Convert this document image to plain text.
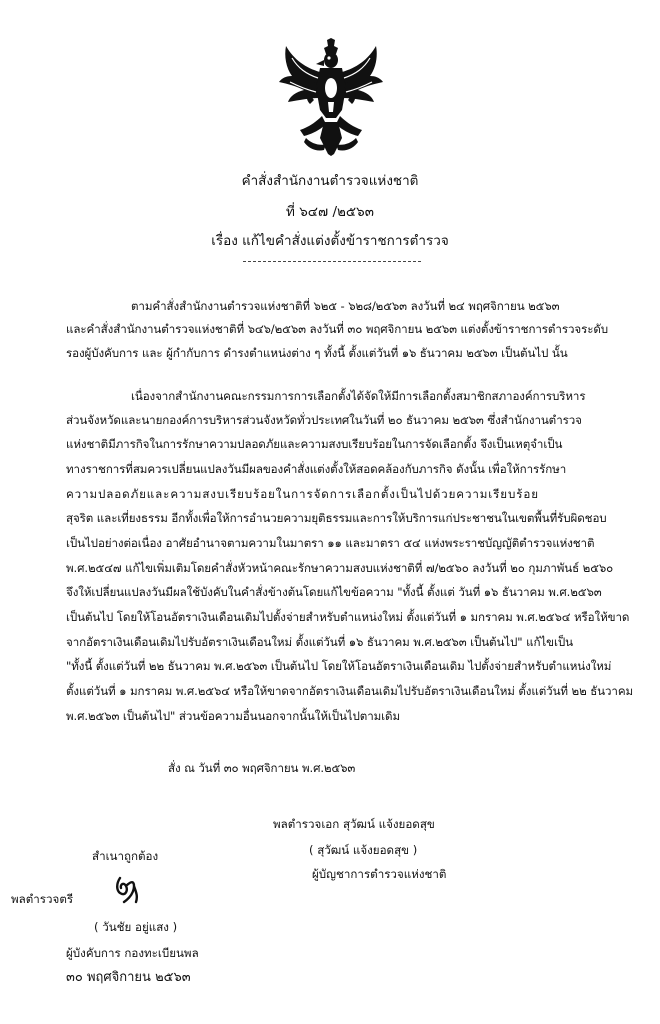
คำสั่งสำนักงานตำรวจแห่งชาติ
ที่ ๖๔๗ /๒๕๖๓
เรื่อง แก้ไขคำสั่งแต่งตั้งข้าราชการตำรวจ
ตามคำสั่งสำนักงานตำรวจแห่งชาติที่ ๖๒๕ - ๖๒๘/๒๕๖๓ ลงวันที่ ๒๔ พฤศจิกายน ๒๕๖๓
และคำสั่งสำนักงานตำรวจแห่งชาติที่ ๖๔๖/๒๕๖๓ ลงวันที่ ๓๐ พฤศจิกายน ๒๕๖๓ แต่งตั้งข้าราชการตำรวจระดับ
รองผู้บังคับการ และ ผู้กำกับการ ดำรงตำแหน่งต่าง ๆ ทั้งนี้ ตั้งแต่วันที่ ๑๖ ธันวาคม ๒๕๖๓ เป็นต้นไป นั้น
เนื่องจากสำนักงานคณะกรรมการการเลือกตั้งได้จัดให้มีการเลือกตั้งสมาชิกสภาองค์การบริหาร
ส่วนจังหวัดและนายกองค์การบริหารส่วนจังหวัดทั่วประเทศในวันที่ ๒๐ ธันวาคม ๒๕๖๓ ซึ่งสำนักงานตำรวจ
แห่งชาติมีภารกิจในการรักษาความปลอดภัยและความสงบเรียบร้อยในการจัดเลือกตั้ง จึงเป็นเหตุจำเป็น
ทางราชการที่สมควรเปลี่ยนแปลงวันมีผลของคำสั่งแต่งตั้งให้สอดคล้องกับภารกิจ ดังนั้น เพื่อให้การรักษา
ความปลอดภัยและความสงบเรียบร้อยในการจัดการเลือกตั้งเป็นไปด้วยความเรียบร้อย
สุจริต และเที่ยงธรรม อีกทั้งเพื่อให้การอำนวยความยุติธรรมและการให้บริการแก่ประชาชนในเขตพื้นที่รับผิดชอบ
เป็นไปอย่างต่อเนื่อง อาศัยอำนาจตามความในมาตรา ๑๑ และมาตรา ๕๔ แห่งพระราชบัญญัติตำรวจแห่งชาติ
พ.ศ.๒๕๔๗ แก้ไขเพิ่มเติมโดยคำสั่งหัวหน้าคณะรักษาความสงบแห่งชาติที่ ๗/๒๕๖๐ ลงวันที่ ๒๐ กุมภาพันธ์ ๒๕๖๐
จึงให้เปลี่ยนแปลงวันมีผลใช้บังคับในคำสั่งข้างต้นโดยแก้ไขข้อความ "ทั้งนี้ ตั้งแต่ วันที่ ๑๖ ธันวาคม พ.ศ.๒๕๖๓
เป็นต้นไป โดยให้โอนอัตราเงินเดือนเดิมไปตั้งจ่ายสำหรับตำแหน่งใหม่ ตั้งแต่วันที่ ๑ มกราคม พ.ศ.๒๕๖๔ หรือให้ขาด
จากอัตราเงินเดือนเดิมไปรับอัตราเงินเดือนใหม่ ตั้งแต่วันที่ ๑๖ ธันวาคม พ.ศ.๒๕๖๓ เป็นต้นไป" แก้ไขเป็น
"ทั้งนี้ ตั้งแต่วันที่ ๒๒ ธันวาคม พ.ศ.๒๕๖๓ เป็นต้นไป โดยให้โอนอัตราเงินเดือนเดิม ไปตั้งจ่ายสำหรับตำแหน่งใหม่
ตั้งแต่วันที่ ๑ มกราคม พ.ศ.๒๕๖๔ หรือให้ขาดจากอัตราเงินเดือนเดิมไปรับอัตราเงินเดือนใหม่ ตั้งแต่วันที่ ๒๒ ธันวาคม
พ.ศ.๒๕๖๓ เป็นต้นไป" ส่วนข้อความอื่นนอกจากนั้นให้เป็นไปตามเดิม
สั่ง ณ วันที่ ๓๐ พฤศจิกายน พ.ศ.๒๕๖๓
พลตำรวจเอก สุวัฒน์ แจ้งยอดสุข
( สุวัฒน์ แจ้งยอดสุข )
ผู้บัญชาการตำรวจแห่งชาติ
สำเนาถูกต้อง
พลตำรวจตรี
( วันชัย อยู่แสง )
ผู้บังคับการ กองทะเบียนพล
๓๐ พฤศจิกายน ๒๕๖๓
